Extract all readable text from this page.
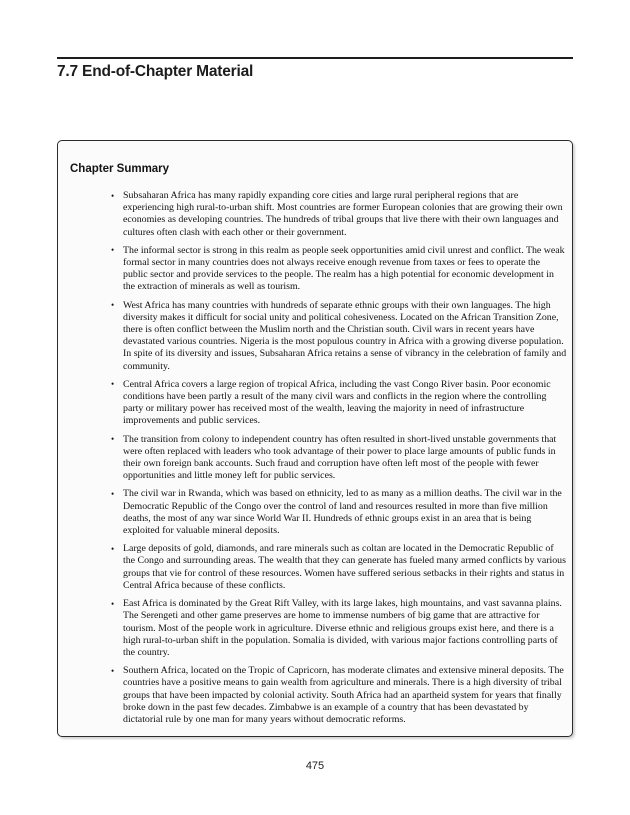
7.7 End-of-Chapter Material
Chapter Summary
• Subsaharan Africa has many rapidly expanding core cities and large rural peripheral regions that are experiencing high rural-to-urban shift. Most countries are former European colonies that are growing their own economies as developing countries. The hundreds of tribal groups that live there with their own languages and cultures often clash with each other or their government.
• The informal sector is strong in this realm as people seek opportunities amid civil unrest and conflict. The weak formal sector in many countries does not always receive enough revenue from taxes or fees to operate the public sector and provide services to the people. The realm has a high potential for economic development in the extraction of minerals as well as tourism.
• West Africa has many countries with hundreds of separate ethnic groups with their own languages. The high diversity makes it difficult for social unity and political cohesiveness. Located on the African Transition Zone, there is often conflict between the Muslim north and the Christian south. Civil wars in recent years have devastated various countries. Nigeria is the most populous country in Africa with a growing diverse population. In spite of its diversity and issues, Subsaharan Africa retains a sense of vibrancy in the celebration of family and community.
• Central Africa covers a large region of tropical Africa, including the vast Congo River basin. Poor economic conditions have been partly a result of the many civil wars and conflicts in the region where the controlling party or military power has received most of the wealth, leaving the majority in need of infrastructure improvements and public services.
• The transition from colony to independent country has often resulted in short-lived unstable governments that were often replaced with leaders who took advantage of their power to place large amounts of public funds in their own foreign bank accounts. Such fraud and corruption have often left most of the people with fewer opportunities and little money left for public services.
• The civil war in Rwanda, which was based on ethnicity, led to as many as a million deaths. The civil war in the Democratic Republic of the Congo over the control of land and resources resulted in more than five million deaths, the most of any war since World War II. Hundreds of ethnic groups exist in an area that is being exploited for valuable mineral deposits.
• Large deposits of gold, diamonds, and rare minerals such as coltan are located in the Democratic Republic of the Congo and surrounding areas. The wealth that they can generate has fueled many armed conflicts by various groups that vie for control of these resources. Women have suffered serious setbacks in their rights and status in Central Africa because of these conflicts.
• East Africa is dominated by the Great Rift Valley, with its large lakes, high mountains, and vast savanna plains. The Serengeti and other game preserves are home to immense numbers of big game that are attractive for tourism. Most of the people work in agriculture. Diverse ethnic and religious groups exist here, and there is a high rural-to-urban shift in the population. Somalia is divided, with various major factions controlling parts of the country.
• Southern Africa, located on the Tropic of Capricorn, has moderate climates and extensive mineral deposits. The countries have a positive means to gain wealth from agriculture and minerals. There is a high diversity of tribal groups that have been impacted by colonial activity. South Africa had an apartheid system for years that finally broke down in the past few decades. Zimbabwe is an example of a country that has been devastated by dictatorial rule by one man for many years without democratic reforms.
475
